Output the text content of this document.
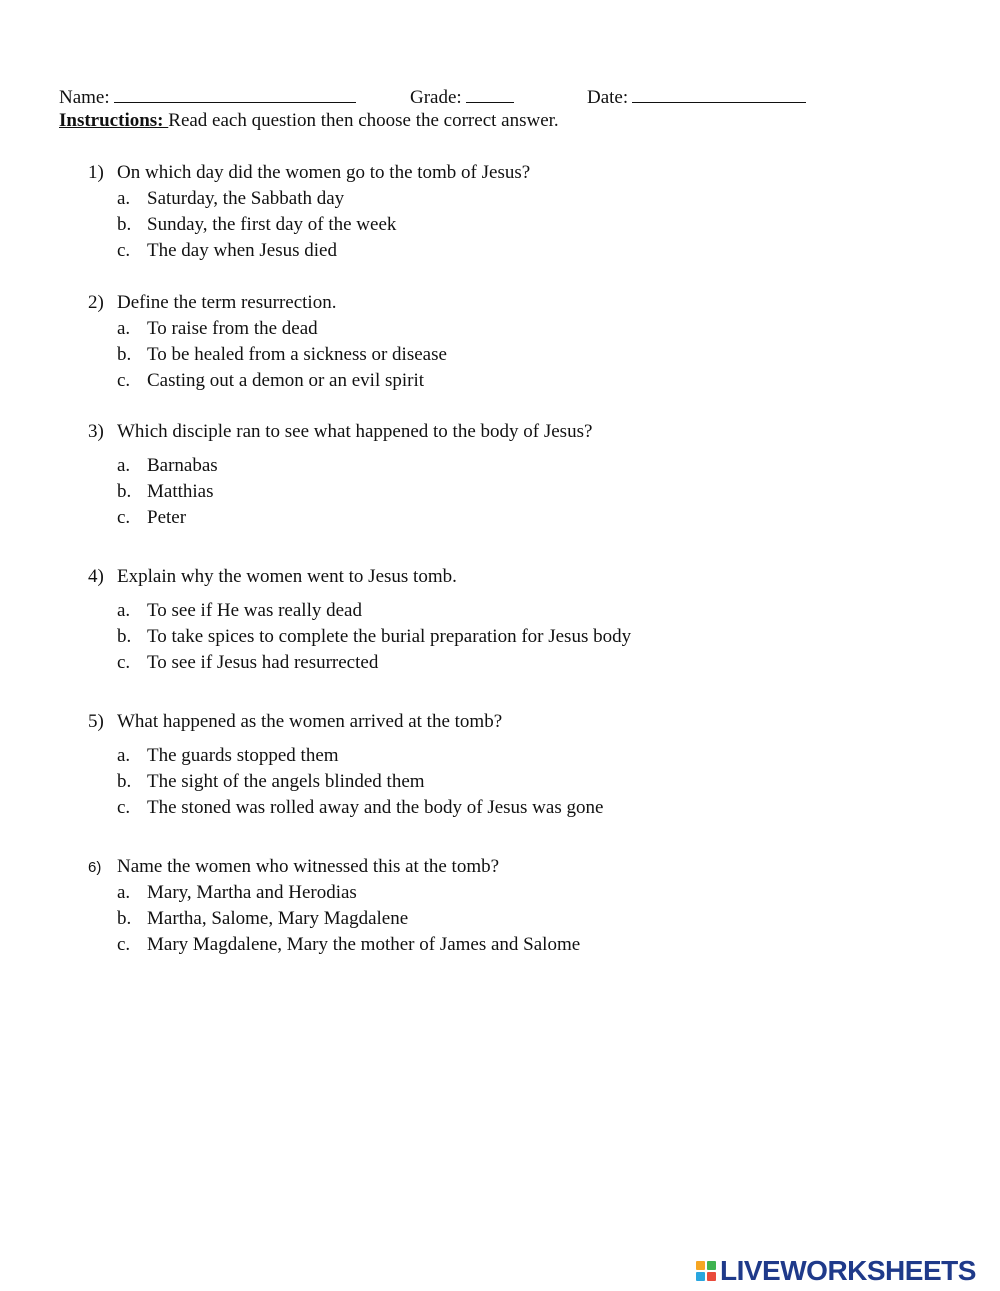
Name:	Grade:	Date:
Instructions: Read each question then choose the correct answer.
1) On which day did the women go to the tomb of Jesus?
a. Saturday, the Sabbath day
b. Sunday, the first day of the week
c. The day when Jesus died
2) Define the term resurrection.
a. To raise from the dead
b. To be healed from a sickness or disease
c. Casting out a demon or an evil spirit
3) Which disciple ran to see what happened to the body of Jesus?
a. Barnabas
b. Matthias
c. Peter
4) Explain why the women went to Jesus tomb.
a. To see if He was really dead
b. To take spices to complete the burial preparation for Jesus body
c. To see if Jesus had resurrected
5) What happened as the women arrived at the tomb?
a. The guards stopped them
b. The sight of the angels blinded them
c. The stoned was rolled away and the body of Jesus was gone
6) Name the women who witnessed this at the tomb?
a. Mary, Martha and Herodias
b. Martha, Salome, Mary Magdalene
c. Mary Magdalene, Mary the mother of James and Salome
LIVEWORKSHEETS
